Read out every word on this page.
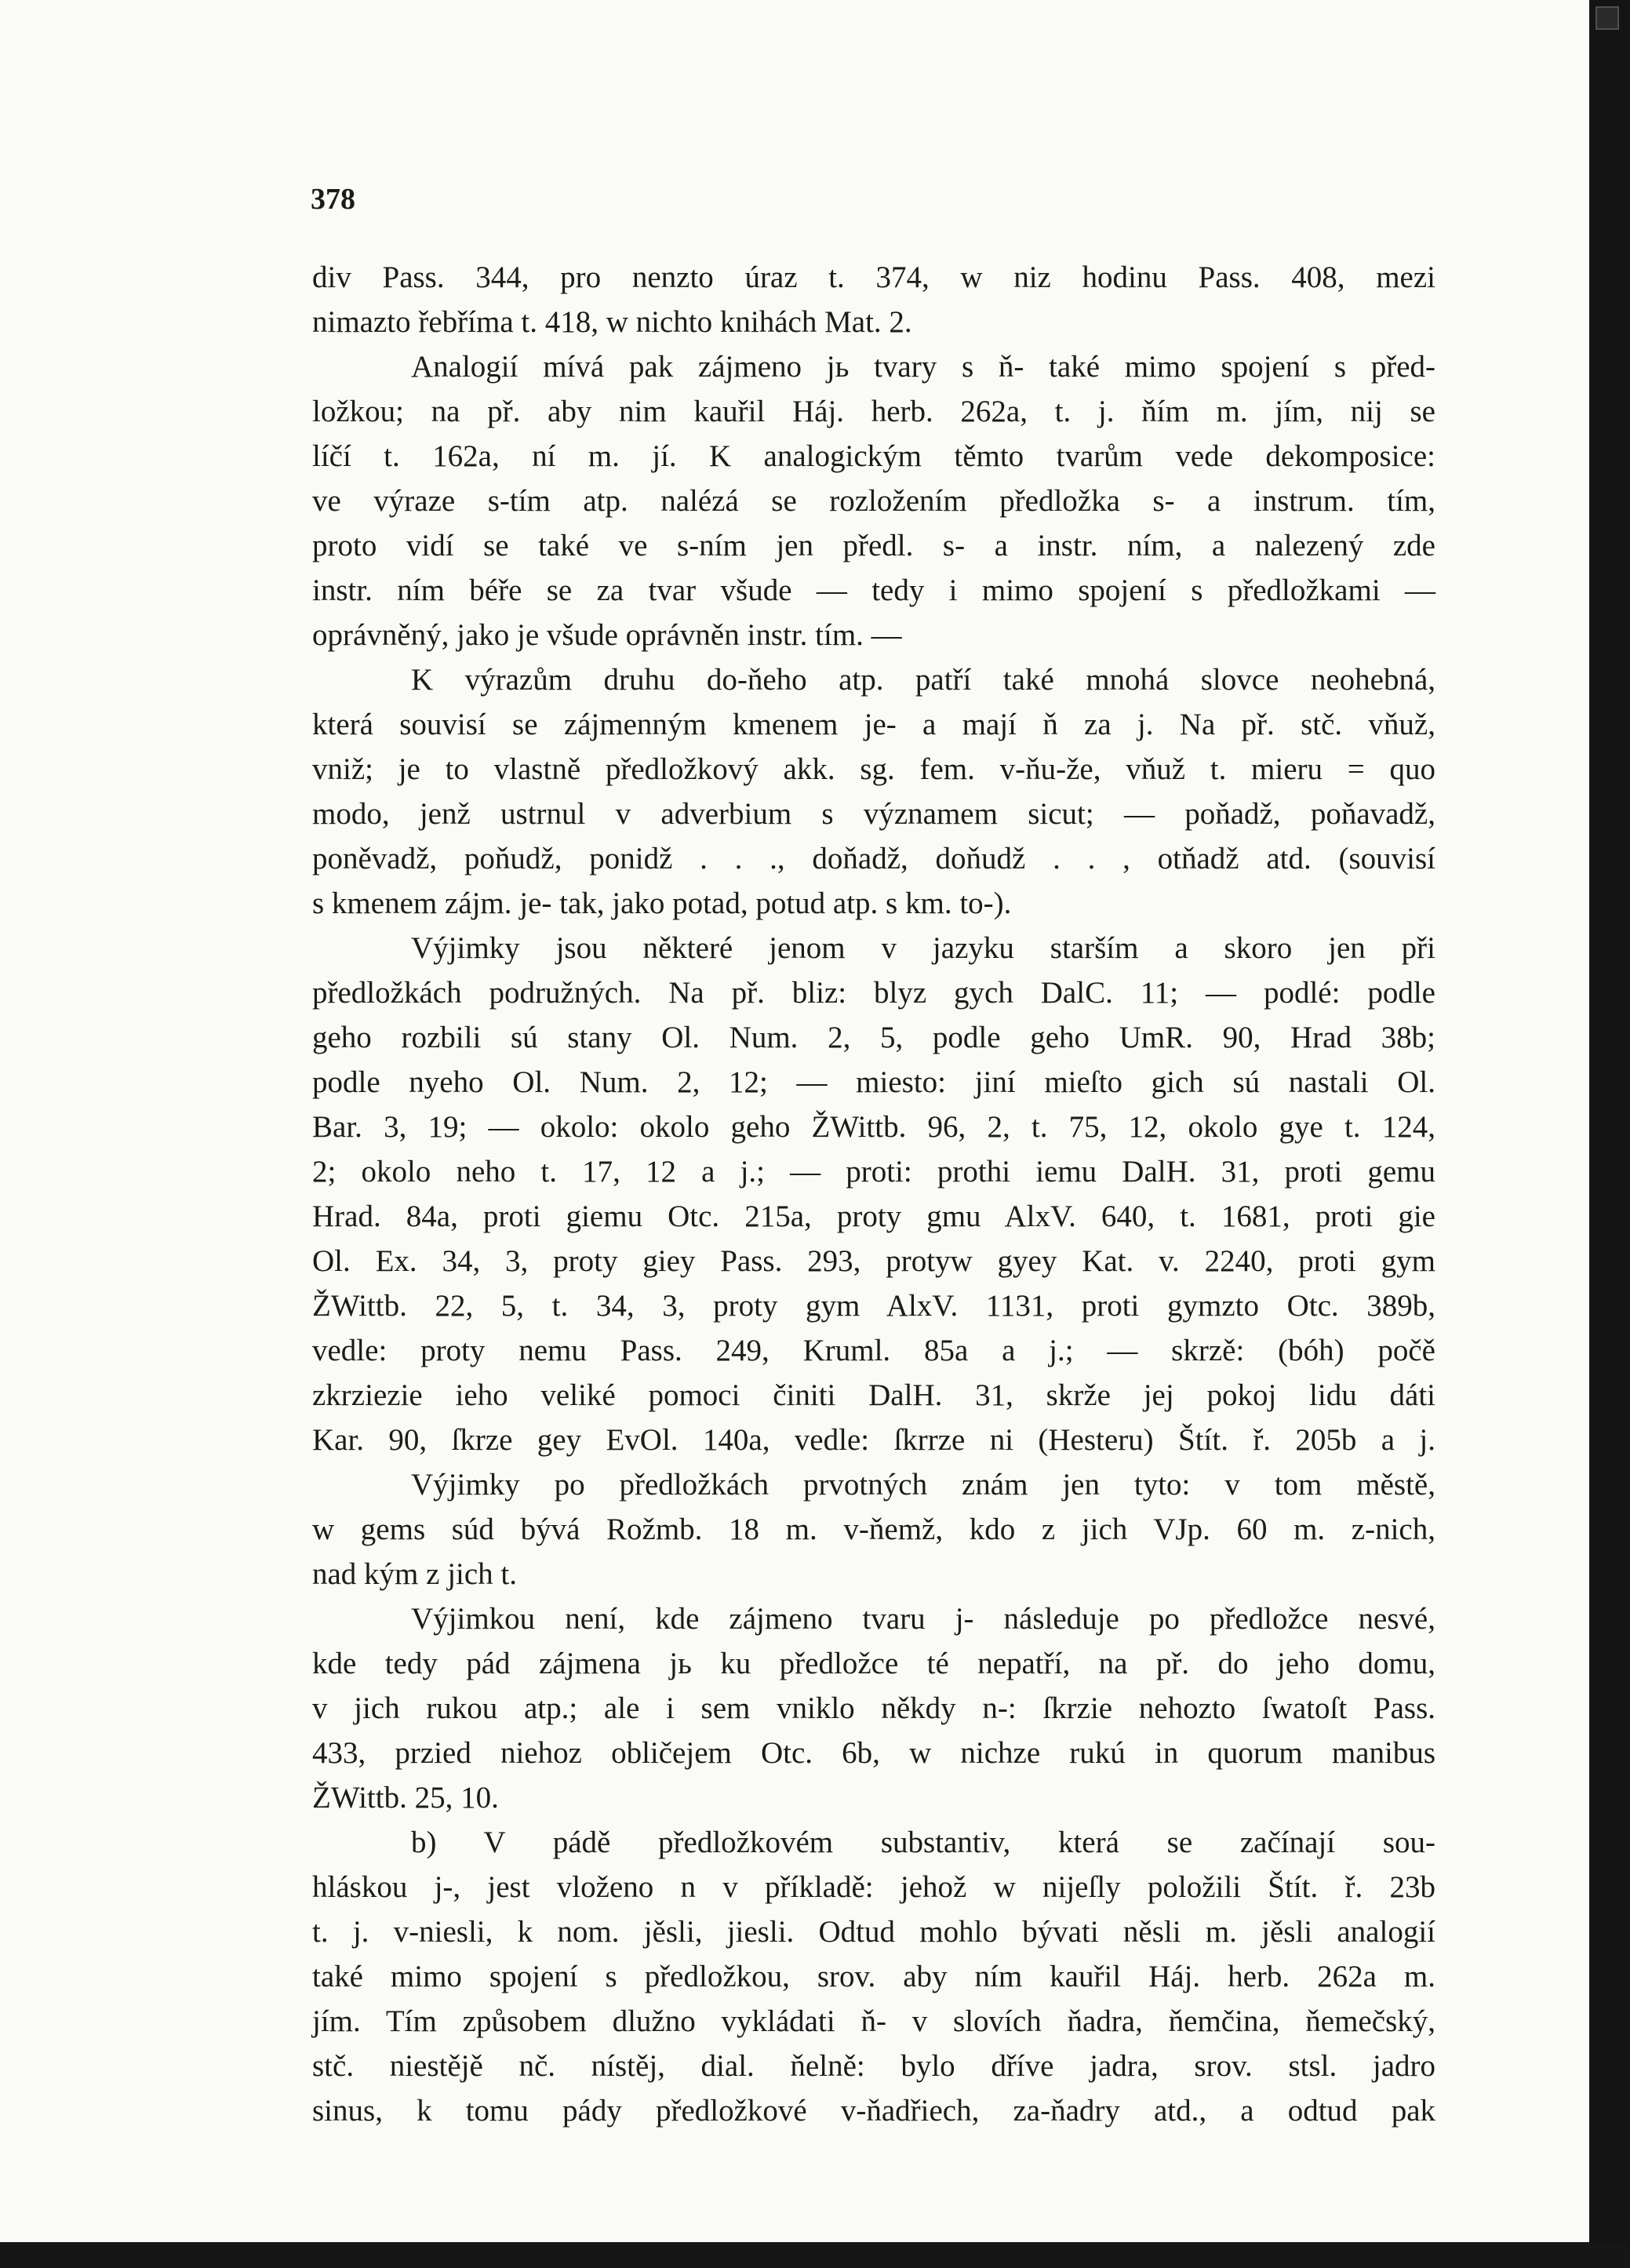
378
div Pass. 344, pro nenzto úraz t. 374, w niz hodinu Pass. 408, mezi
nimazto řebříma t. 418, w nichto knihách Mat. 2.
Analogií mívá pak zájmeno jь tvary s ň- také mimo spojení s před-
ložkou; na př. aby nim kauřil Háj. herb. 262a, t. j. ňím m. jím, nij se
líčí t. 162a, ní m. jí. K analogickým těmto tvarům vede dekomposice:
ve výraze s-tím atp. nalézá se rozložením předložka s- a instrum. tím,
proto vidí se také ve s-ním jen předl. s- a instr. ním, a nalezený zde
instr. ním béře se za tvar všude — tedy i mimo spojení s předložkami —
oprávněný, jako je všude oprávněn instr. tím. —
K výrazům druhu do-ňeho atp. patří také mnohá slovce neohebná,
která souvisí se zájmenným kmenem je- a mají ň za j. Na př. stč. vňuž,
vniž; je to vlastně předložkový akk. sg. fem. v-ňu-že, vňuž t. mieru = quo
modo, jenž ustrnul v adverbium s významem sicut; — poňadž, poňavadž,
poněvadž, poňudž, ponidž . . ., doňadž, doňudž . . , otňadž atd. (souvisí
s kmenem zájm. je- tak, jako potad, potud atp. s km. to-).
Výjimky jsou některé jenom v jazyku starším a skoro jen při
předložkách podružných. Na př. bliz: blyz gych DalC. 11; — podlé: podle
geho rozbili sú stany Ol. Num. 2, 5, podle geho UmR. 90, Hrad 38b;
podle nyeho Ol. Num. 2, 12; — miesto: jiní mieſto gich sú nastali Ol.
Bar. 3, 19; — okolo: okolo geho ŽWittb. 96, 2, t. 75, 12, okolo gye t. 124,
2; okolo neho t. 17, 12 a j.; — proti: prothi iemu DalH. 31, proti gemu
Hrad. 84a, proti giemu Otc. 215a, proty gmu AlxV. 640, t. 1681, proti gie
Ol. Ex. 34, 3, proty giey Pass. 293, protyw gyey Kat. v. 2240, proti gym
ŽWittb. 22, 5, t. 34, 3, proty gym AlxV. 1131, proti gymzto Otc. 389b,
vedle: proty nemu Pass. 249, Kruml. 85a a j.; — skrzě: (bóh) počě
zkrziezie ieho veliké pomoci činiti DalH. 31, skrže jej pokoj lidu dáti
Kar. 90, ſkrze gey EvOl. 140a, vedle: ſkrrze ni (Hesteru) Štít. ř. 205b a j.
Výjimky po předložkách prvotných znám jen tyto: v tom městě,
w gems súd bývá Rožmb. 18 m. v-ňemž, kdo z jich VJp. 60 m. z-nich,
nad kým z jich t.
Výjimkou není, kde zájmeno tvaru j- následuje po předložce nesvé,
kde tedy pád zájmena jь ku předložce té nepatří, na př. do jeho domu,
v jich rukou atp.; ale i sem vniklo někdy n-: ſkrzie nehozto ſwatoſt Pass.
433, przied niehoz obličejem Otc. 6b, w nichze rukú in quorum manibus
ŽWittb. 25, 10.
b) V pádě předložkovém substantiv, která se začínají sou-
hláskou j-, jest vloženo n v příkladě: jehož w nijeſly položili Štít. ř. 23b
t. j. v-niesli, k nom. jěsli, jiesli. Odtud mohlo bývati něsli m. jěsli analogií
také mimo spojení s předložkou, srov. aby ním kauřil Háj. herb. 262a m.
jím. Tím způsobem dlužno vykládati ň- v slovích ňadra, ňemčina, ňemečský,
stč. niestějě nč. nístěj, dial. ňelně: bylo dříve jadra, srov. stsl. jadro
sinus, k tomu pády předložkové v-ňadřiech, za-ňadry atd., a odtud pak
